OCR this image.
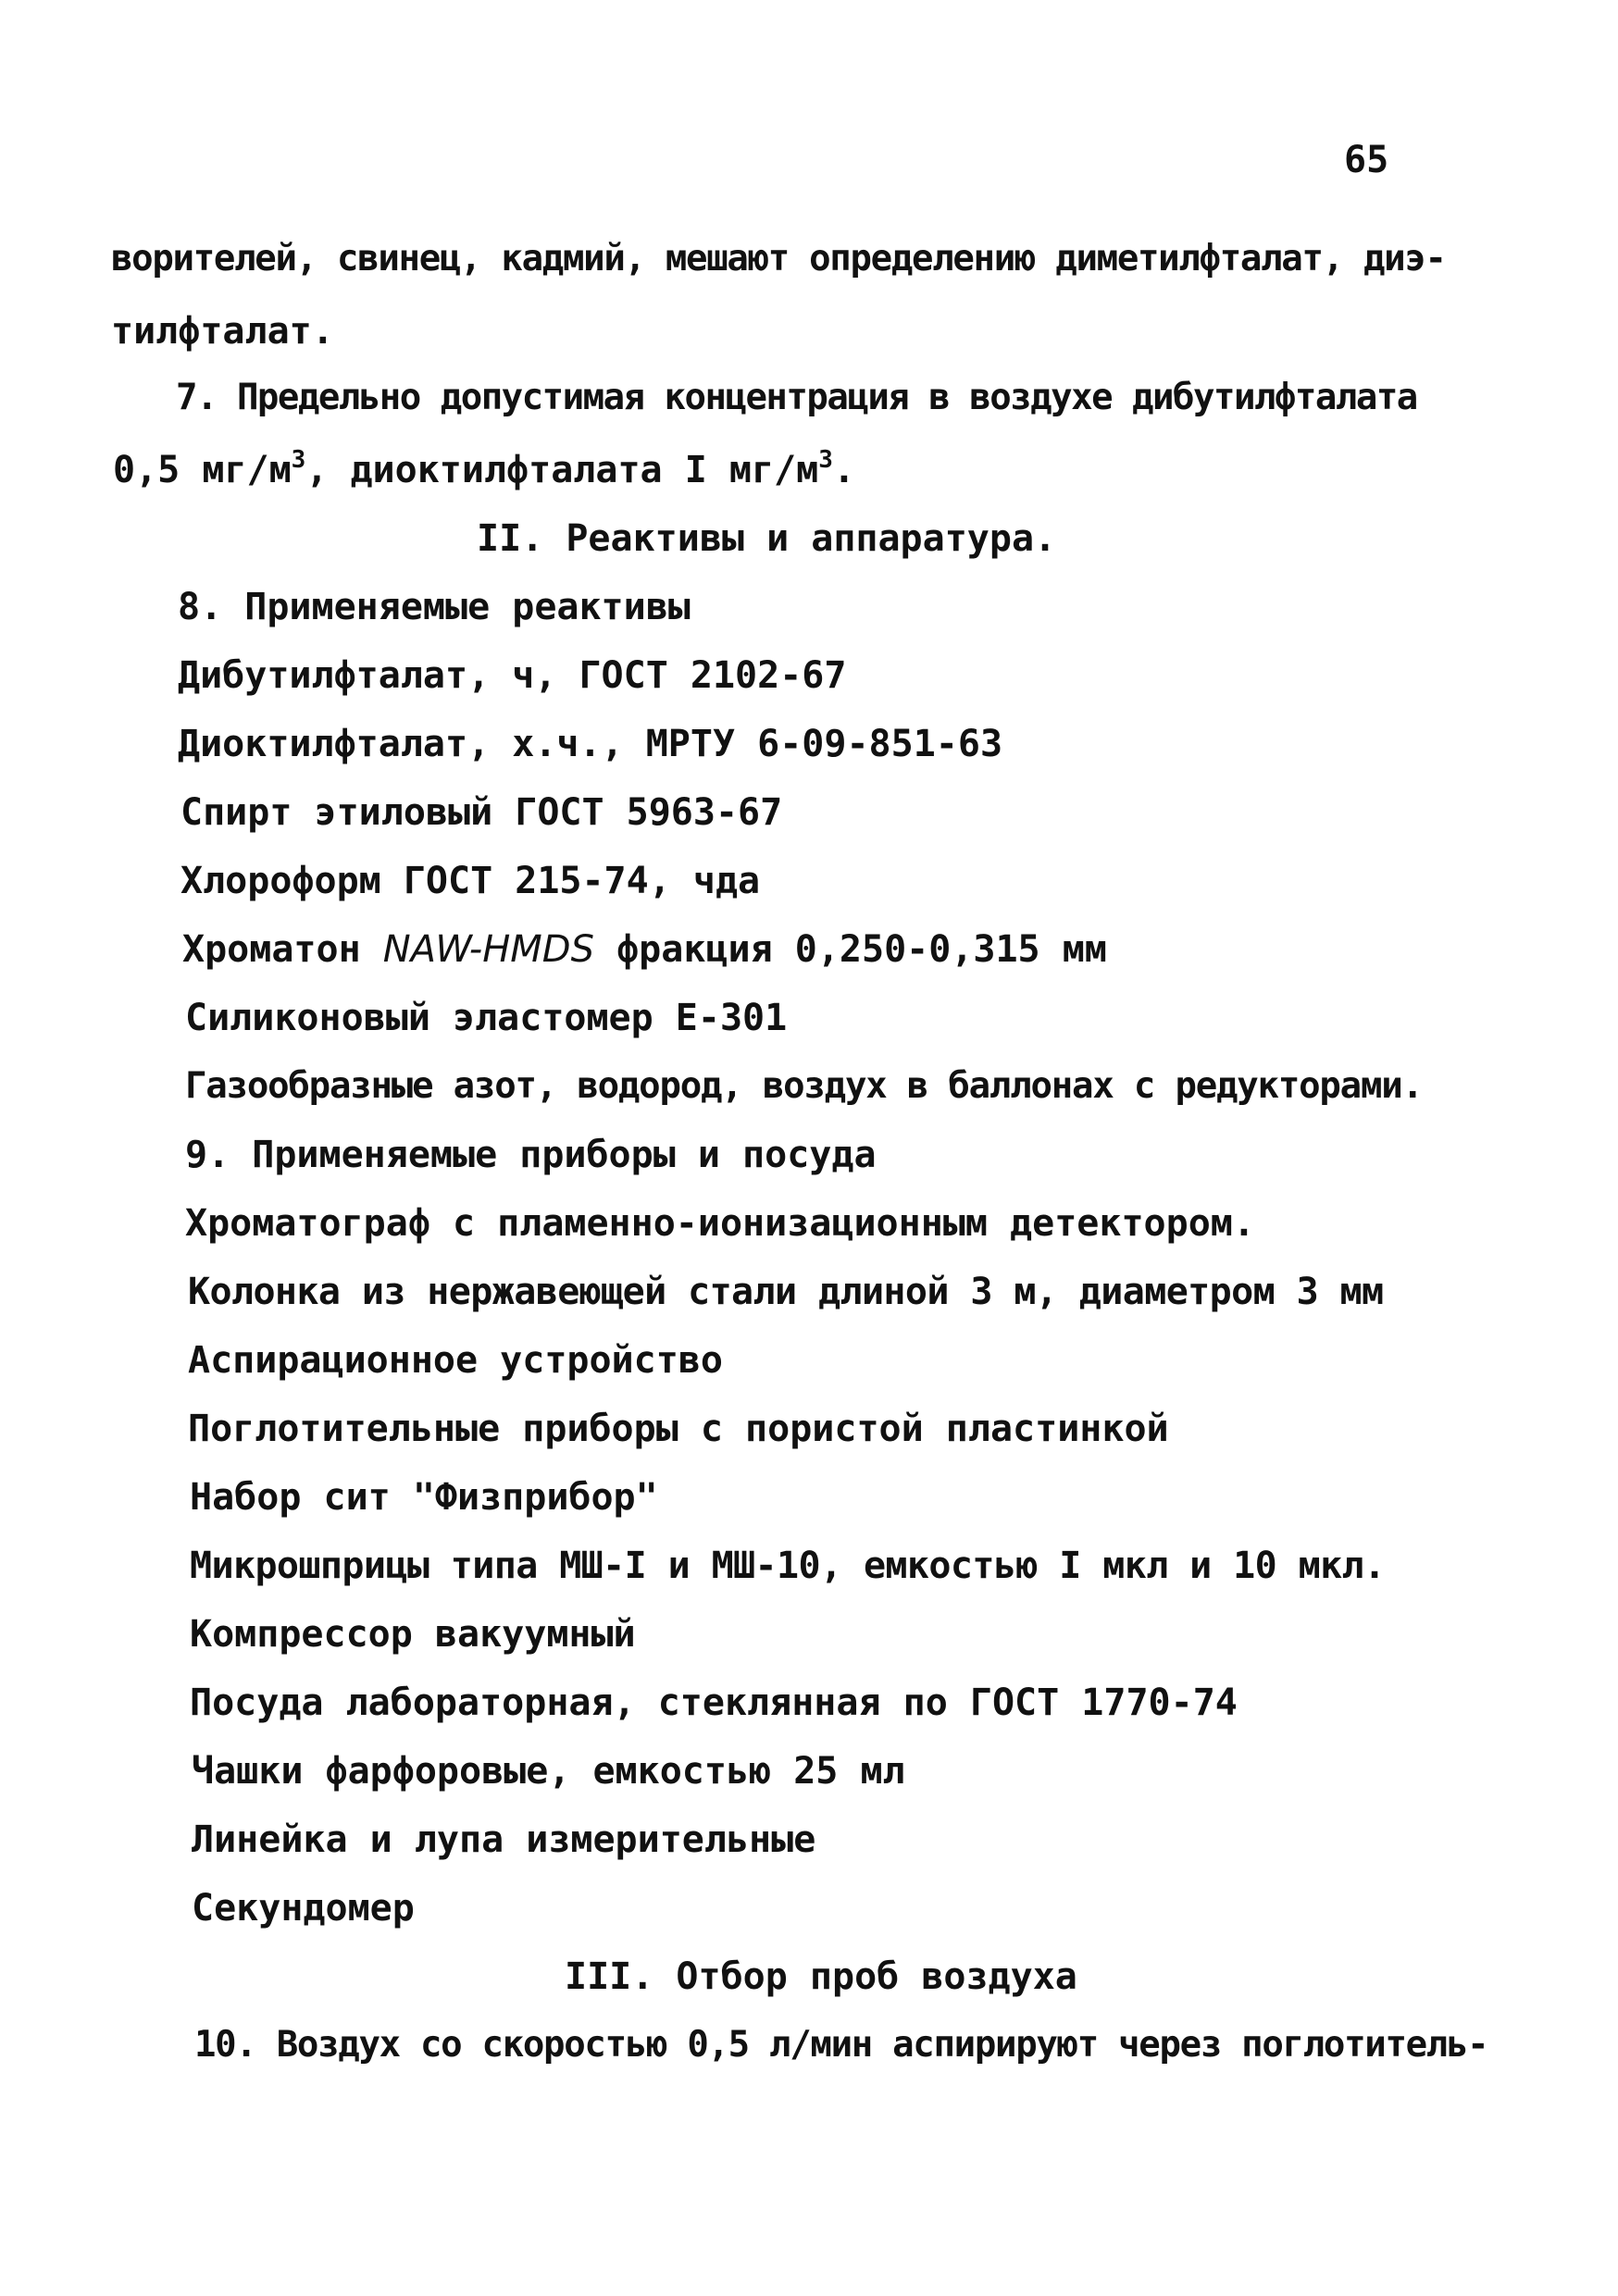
65
ворителей, свинец, кадмий, мешают определению диметилфталат, диэ-
тилфталат.
7. Предельно допустимая концентрация в воздухе дибутилфталата
0,5 $мг/м^3$, диоктилфталата I $мг/м^3$.
II. Реактивы и аппаратура.
8. Применяемые реактивы
Дибутилфталат, ч, ГОСТ 2102-67
Диоктилфталат, х.ч., МРТУ 6-09-851-63
Спирт этиловый ГОСТ 5963-67
Хлороформ ГОСТ 215-74, чда
Хроматон NAW-HMDS фракция 0,250-0,315 мм
Силиконовый эластомер Е-301
Газообразные азот, водород, воздух в баллонах с редукторами.
9. Применяемые приборы и посуда
Хроматограф с пламенно-ионизационным детектором.
Колонка из нержавеющей стали длиной 3 м, диаметром 3 мм
Аспирационное устройство
Поглотительные приборы с пористой пластинкой
Набор сит "Физприбор"
Микрошприцы типа МШ-I и МШ-10, емкостью I мкл и 10 мкл.
Компрессор вакуумный
Посуда лабораторная, стеклянная по ГОСТ 1770-74
Чашки фарфоровые, емкостью 25 мл
Линейка и лупа измерительные
Секундомер
III. Отбор проб воздуха
10. Воздух со скоростью 0,5 л/мин аспирируют через поглотитель-
